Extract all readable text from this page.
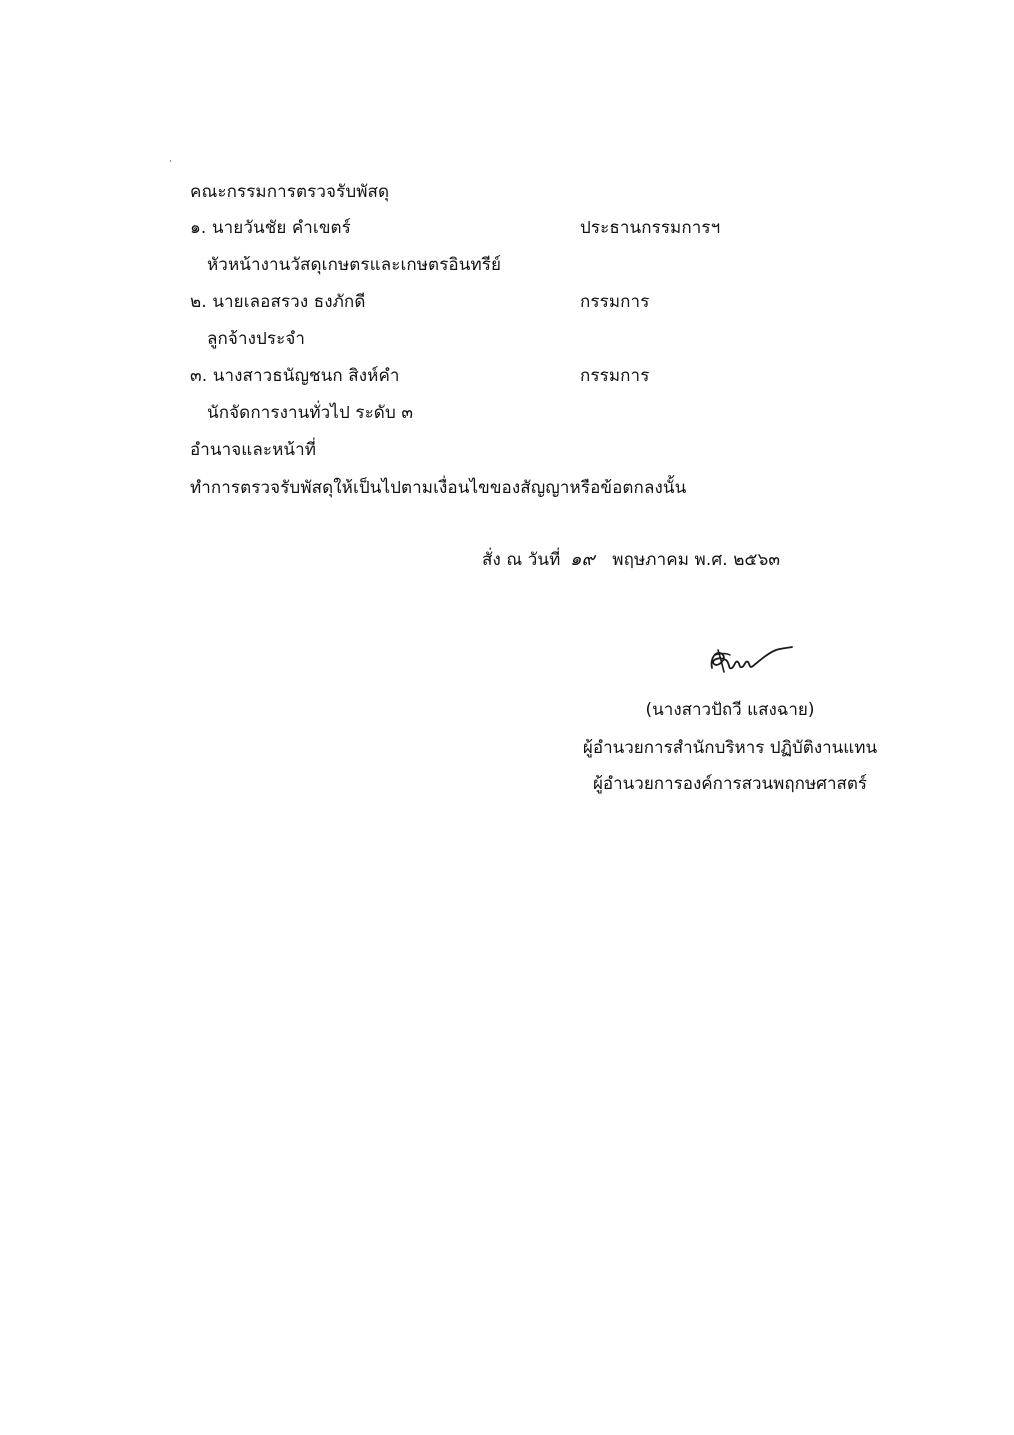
คณะกรรมการตรวจรับพัสดุ
๑. นายวันชัย คำเขตร์	ประธานกรรมการฯ
หัวหน้างานวัสดุเกษตรและเกษตรอินทรีย์
๒. นายเลอสรวง ธงภักดี	กรรมการ
ลูกจ้างประจำ
๓. นางสาวธนัญชนก สิงห์คำ	กรรมการ
นักจัดการงานทั่วไป ระดับ ๓
อำนาจและหน้าที่
ทำการตรวจรับพัสดุให้เป็นไปตามเงื่อนไขของสัญญาหรือข้อตกลงนั้น
สั่ง ณ วันที่ ๑๙ พฤษภาคม พ.ศ. ๒๕๖๓
(นางสาวปัถวี แสงฉาย)
ผู้อำนวยการสำนักบริหาร ปฏิบัติงานแทน
ผู้อำนวยการองค์การสวนพฤกษศาสตร์
